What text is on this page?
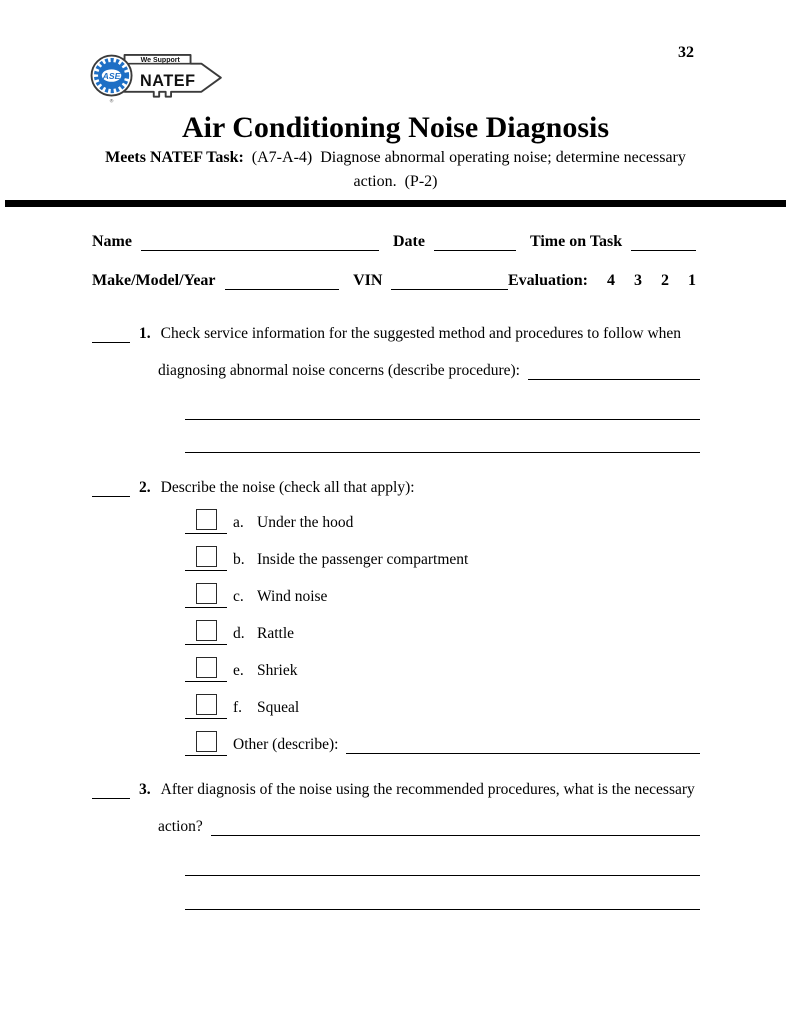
ASE
®
We Support
NATEF
32
Air Conditioning Noise Diagnosis
Meets NATEF Task:  (A7-A-4)  Diagnose abnormal operating noise; determine necessary
action.  (P-2)
Name	Date	Time on Task
Make/Model/Year	VIN	Evaluation: 4 3 2 1
1. Check service information for the suggested method and procedures to follow when
diagnosing abnormal noise concerns (describe procedure):
2. Describe the noise (check all that apply):
a. Under the hood
b. Inside the passenger compartment
c. Wind noise
d. Rattle
e. Shriek
f. Squeal
Other (describe):
3. After diagnosis of the noise using the recommended procedures, what is the necessary
action?
